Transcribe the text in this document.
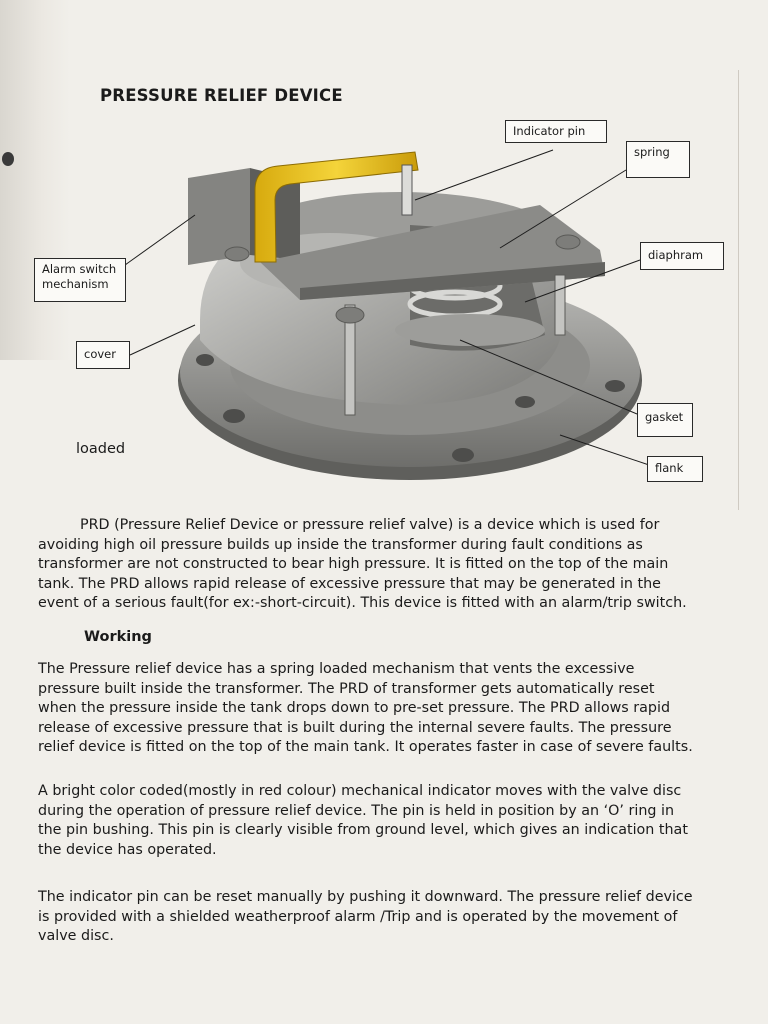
PRESSURE RELIEF DEVICE
Indicator pin
spring
diaphram
Alarm switch mechanism
cover
gasket
flank
loaded

PRD (Pressure Relief Device or pressure relief valve) is a device which is used for avoiding high oil pressure builds up inside the transformer during fault conditions as transformer are not constructed to bear high pressure. It is fitted on the top of the main tank. The PRD allows rapid release of excessive pressure that may be generated in the event of a serious fault(for ex:-short-circuit). This device is fitted with an alarm/trip switch.

Working

The Pressure relief device has a spring loaded mechanism that vents the excessive pressure built inside the transformer. The PRD of transformer gets automatically reset when the pressure inside the tank drops down to pre-set pressure. The PRD allows rapid release of excessive pressure that is built during the internal severe faults. The pressure relief device is fitted on the top of the main tank. It operates faster in case of severe faults.

A bright color coded(mostly in red colour) mechanical indicator moves with the valve disc during the operation of pressure relief device. The pin is held in position by an ‘O’ ring in the pin bushing. This pin is clearly visible from ground level, which gives an indication that the device has operated.

The indicator pin can be reset manually by pushing it downward. The pressure relief device is provided with a shielded weatherproof alarm /Trip and is operated by the movement of valve disc.
